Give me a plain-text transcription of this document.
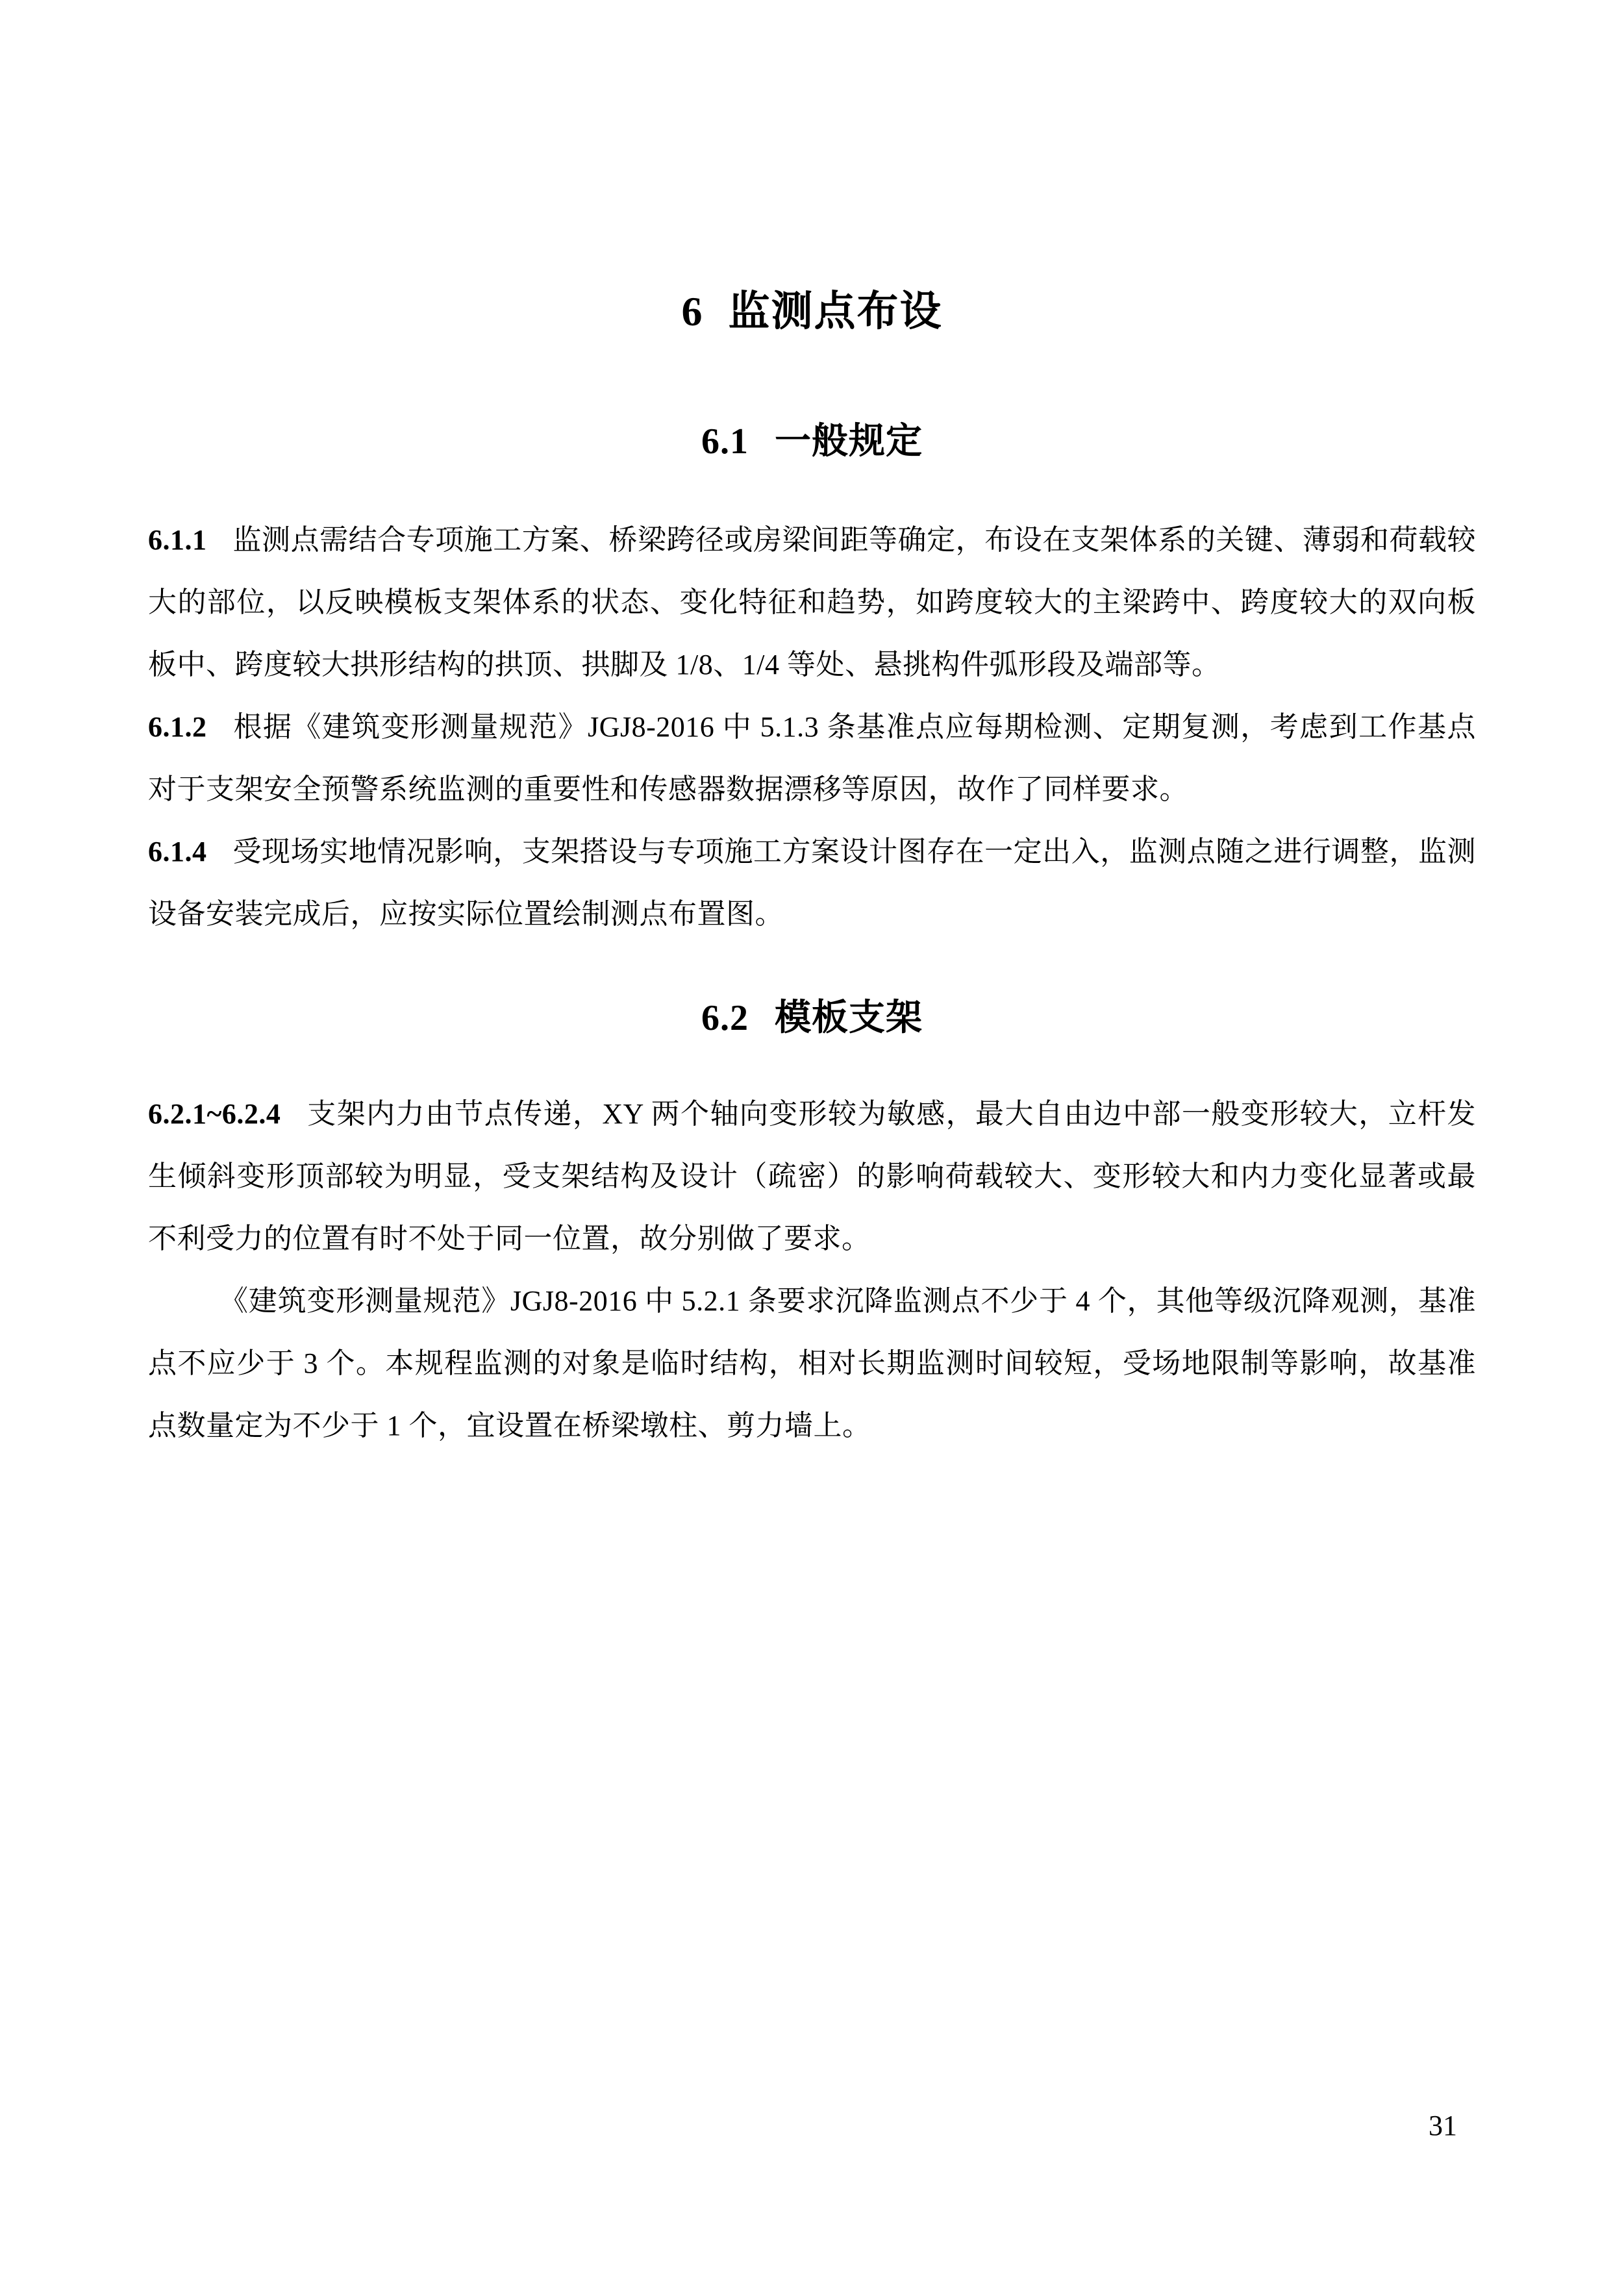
6 监测点布设
6.1 一般规定

6.1.1 监测点需结合专项施工方案、桥梁跨径或房梁间距等确定，布设在支架体系的关键、薄弱和荷载较大的部位，以反映模板支架体系的状态、变化特征和趋势，如跨度较大的主梁跨中、跨度较大的双向板板中、跨度较大拱形结构的拱顶、拱脚及 1/8、1/4 等处、悬挑构件弧形段及端部等。

6.1.2 根据《建筑变形测量规范》JGJ8-2016 中 5.1.3 条基准点应每期检测、定期复测，考虑到工作基点对于支架安全预警系统监测的重要性和传感器数据漂移等原因，故作了同样要求。

6.1.4 受现场实地情况影响，支架搭设与专项施工方案设计图存在一定出入，监测点随之进行调整，监测设备安装完成后，应按实际位置绘制测点布置图。

6.2 模板支架

6.2.1~6.2.4 支架内力由节点传递，XY 两个轴向变形较为敏感，最大自由边中部一般变形较大，立杆发生倾斜变形顶部较为明显，受支架结构及设计（疏密）的影响荷载较大、变形较大和内力变化显著或最不利受力的位置有时不处于同一位置，故分别做了要求。

《建筑变形测量规范》JGJ8-2016 中 5.2.1 条要求沉降监测点不少于 4 个，其他等级沉降观测，基准点不应少于 3 个。本规程监测的对象是临时结构，相对长期监测时间较短，受场地限制等影响，故基准点数量定为不少于 1 个，宜设置在桥梁墩柱、剪力墙上。

31
